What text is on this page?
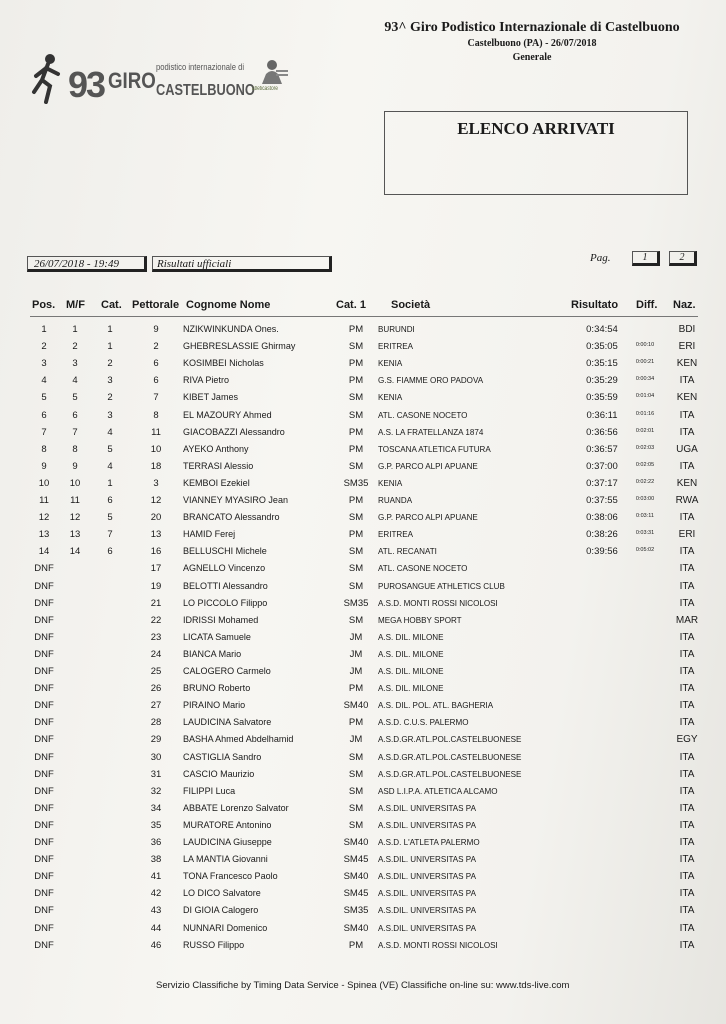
93 GIRO
podistico internazionale di
CASTELBUONO
atleticastore
93^ Giro Podistico Internazionale di Castelbuono
Castelbuono (PA) - 26/07/2018
Generale
ELENCO ARRIVATI
26/07/2018 - 19:49	Risultati ufficiali	Pag.	1	2
Pos. M/F Cat. Pettorale Cognome Nome	Cat. 1 Società	Risultato Diff. Naz.
1	1	1	9	NZIKWINKUNDA Ones.	PM	BURUNDI	0:34:54	BDI
2	2	1	2	GHEBRESLASSIE Ghirmay	SM	ERITREA	0:35:05	0:00:10	ERI
3	3	2	6	KOSIMBEI Nicholas	PM	KENIA	0:35:15	0:00:21	KEN
4	4	3	6	RIVA Pietro	PM	G.S. FIAMME ORO PADOVA	0:35:29	0:00:34	ITA
5	5	2	7	KIBET James	SM	KENIA	0:35:59	0:01:04	KEN
6	6	3	8	EL MAZOURY Ahmed	SM	ATL. CASONE NOCETO	0:36:11	0:01:16	ITA
7	7	4	11	GIACOBAZZI Alessandro	PM	A.S. LA FRATELLANZA 1874	0:36:56	0:02:01	ITA
8	8	5	10	AYEKO Anthony	PM	TOSCANA ATLETICA FUTURA	0:36:57	0:02:03	UGA
9	9	4	18	TERRASI Alessio	SM	G.P. PARCO ALPI APUANE	0:37:00	0:02:05	ITA
10	10	1	3	KEMBOI Ezekiel	SM35	KENIA	0:37:17	0:02:22	KEN
11	11	6	12	VIANNEY MYASIRO Jean	PM	RUANDA	0:37:55	0:03:00	RWA
12	12	5	20	BRANCATO Alessandro	SM	G.P. PARCO ALPI APUANE	0:38:06	0:03:11	ITA
13	13	7	13	HAMID Ferej	PM	ERITREA	0:38:26	0:03:31	ERI
14	14	6	16	BELLUSCHI Michele	SM	ATL. RECANATI	0:39:56	0:05:02	ITA
DNF	17	AGNELLO Vincenzo	SM	ATL. CASONE NOCETO	ITA
DNF	19	BELOTTI Alessandro	SM	PUROSANGUE ATHLETICS CLUB	ITA
DNF	21	LO PICCOLO Filippo	SM35	A.S.D. MONTI ROSSI NICOLOSI	ITA
DNF	22	IDRISSI Mohamed	SM	MEGA HOBBY SPORT	MAR
DNF	23	LICATA Samuele	JM	A.S. DIL. MILONE	ITA
DNF	24	BIANCA Mario	JM	A.S. DIL. MILONE	ITA
DNF	25	CALOGERO Carmelo	JM	A.S. DIL. MILONE	ITA
DNF	26	BRUNO Roberto	PM	A.S. DIL. MILONE	ITA
DNF	27	PIRAINO Mario	SM40	A.S. DIL. POL. ATL. BAGHERIA	ITA
DNF	28	LAUDICINA Salvatore	PM	A.S.D. C.U.S. PALERMO	ITA
DNF	29	BASHA Ahmed Abdelhamid	JM	A.S.D.GR.ATL.POL.CASTELBUONESE	EGY
DNF	30	CASTIGLIA Sandro	SM	A.S.D.GR.ATL.POL.CASTELBUONESE	ITA
DNF	31	CASCIO Maurizio	SM	A.S.D.GR.ATL.POL.CASTELBUONESE	ITA
DNF	32	FILIPPI Luca	SM	ASD L.I.P.A. ATLETICA ALCAMO	ITA
DNF	34	ABBATE Lorenzo Salvator	SM	A.S.DIL. UNIVERSITAS PA	ITA
DNF	35	MURATORE Antonino	SM	A.S.DIL. UNIVERSITAS PA	ITA
DNF	36	LAUDICINA Giuseppe	SM40	A.S.D. L'ATLETA PALERMO	ITA
DNF	38	LA MANTIA Giovanni	SM45	A.S.DIL. UNIVERSITAS PA	ITA
DNF	41	TONA Francesco Paolo	SM40	A.S.DIL. UNIVERSITAS PA	ITA
DNF	42	LO DICO Salvatore	SM45	A.S.DIL. UNIVERSITAS PA	ITA
DNF	43	DI GIOIA Calogero	SM35	A.S.DIL. UNIVERSITAS PA	ITA
DNF	44	NUNNARI Domenico	SM40	A.S.DIL. UNIVERSITAS PA	ITA
DNF	46	RUSSO Filippo	PM	A.S.D. MONTI ROSSI NICOLOSI	ITA
Servizio Classifiche by Timing Data Service - Spinea (VE) Classifiche on-line su: www.tds-live.com
